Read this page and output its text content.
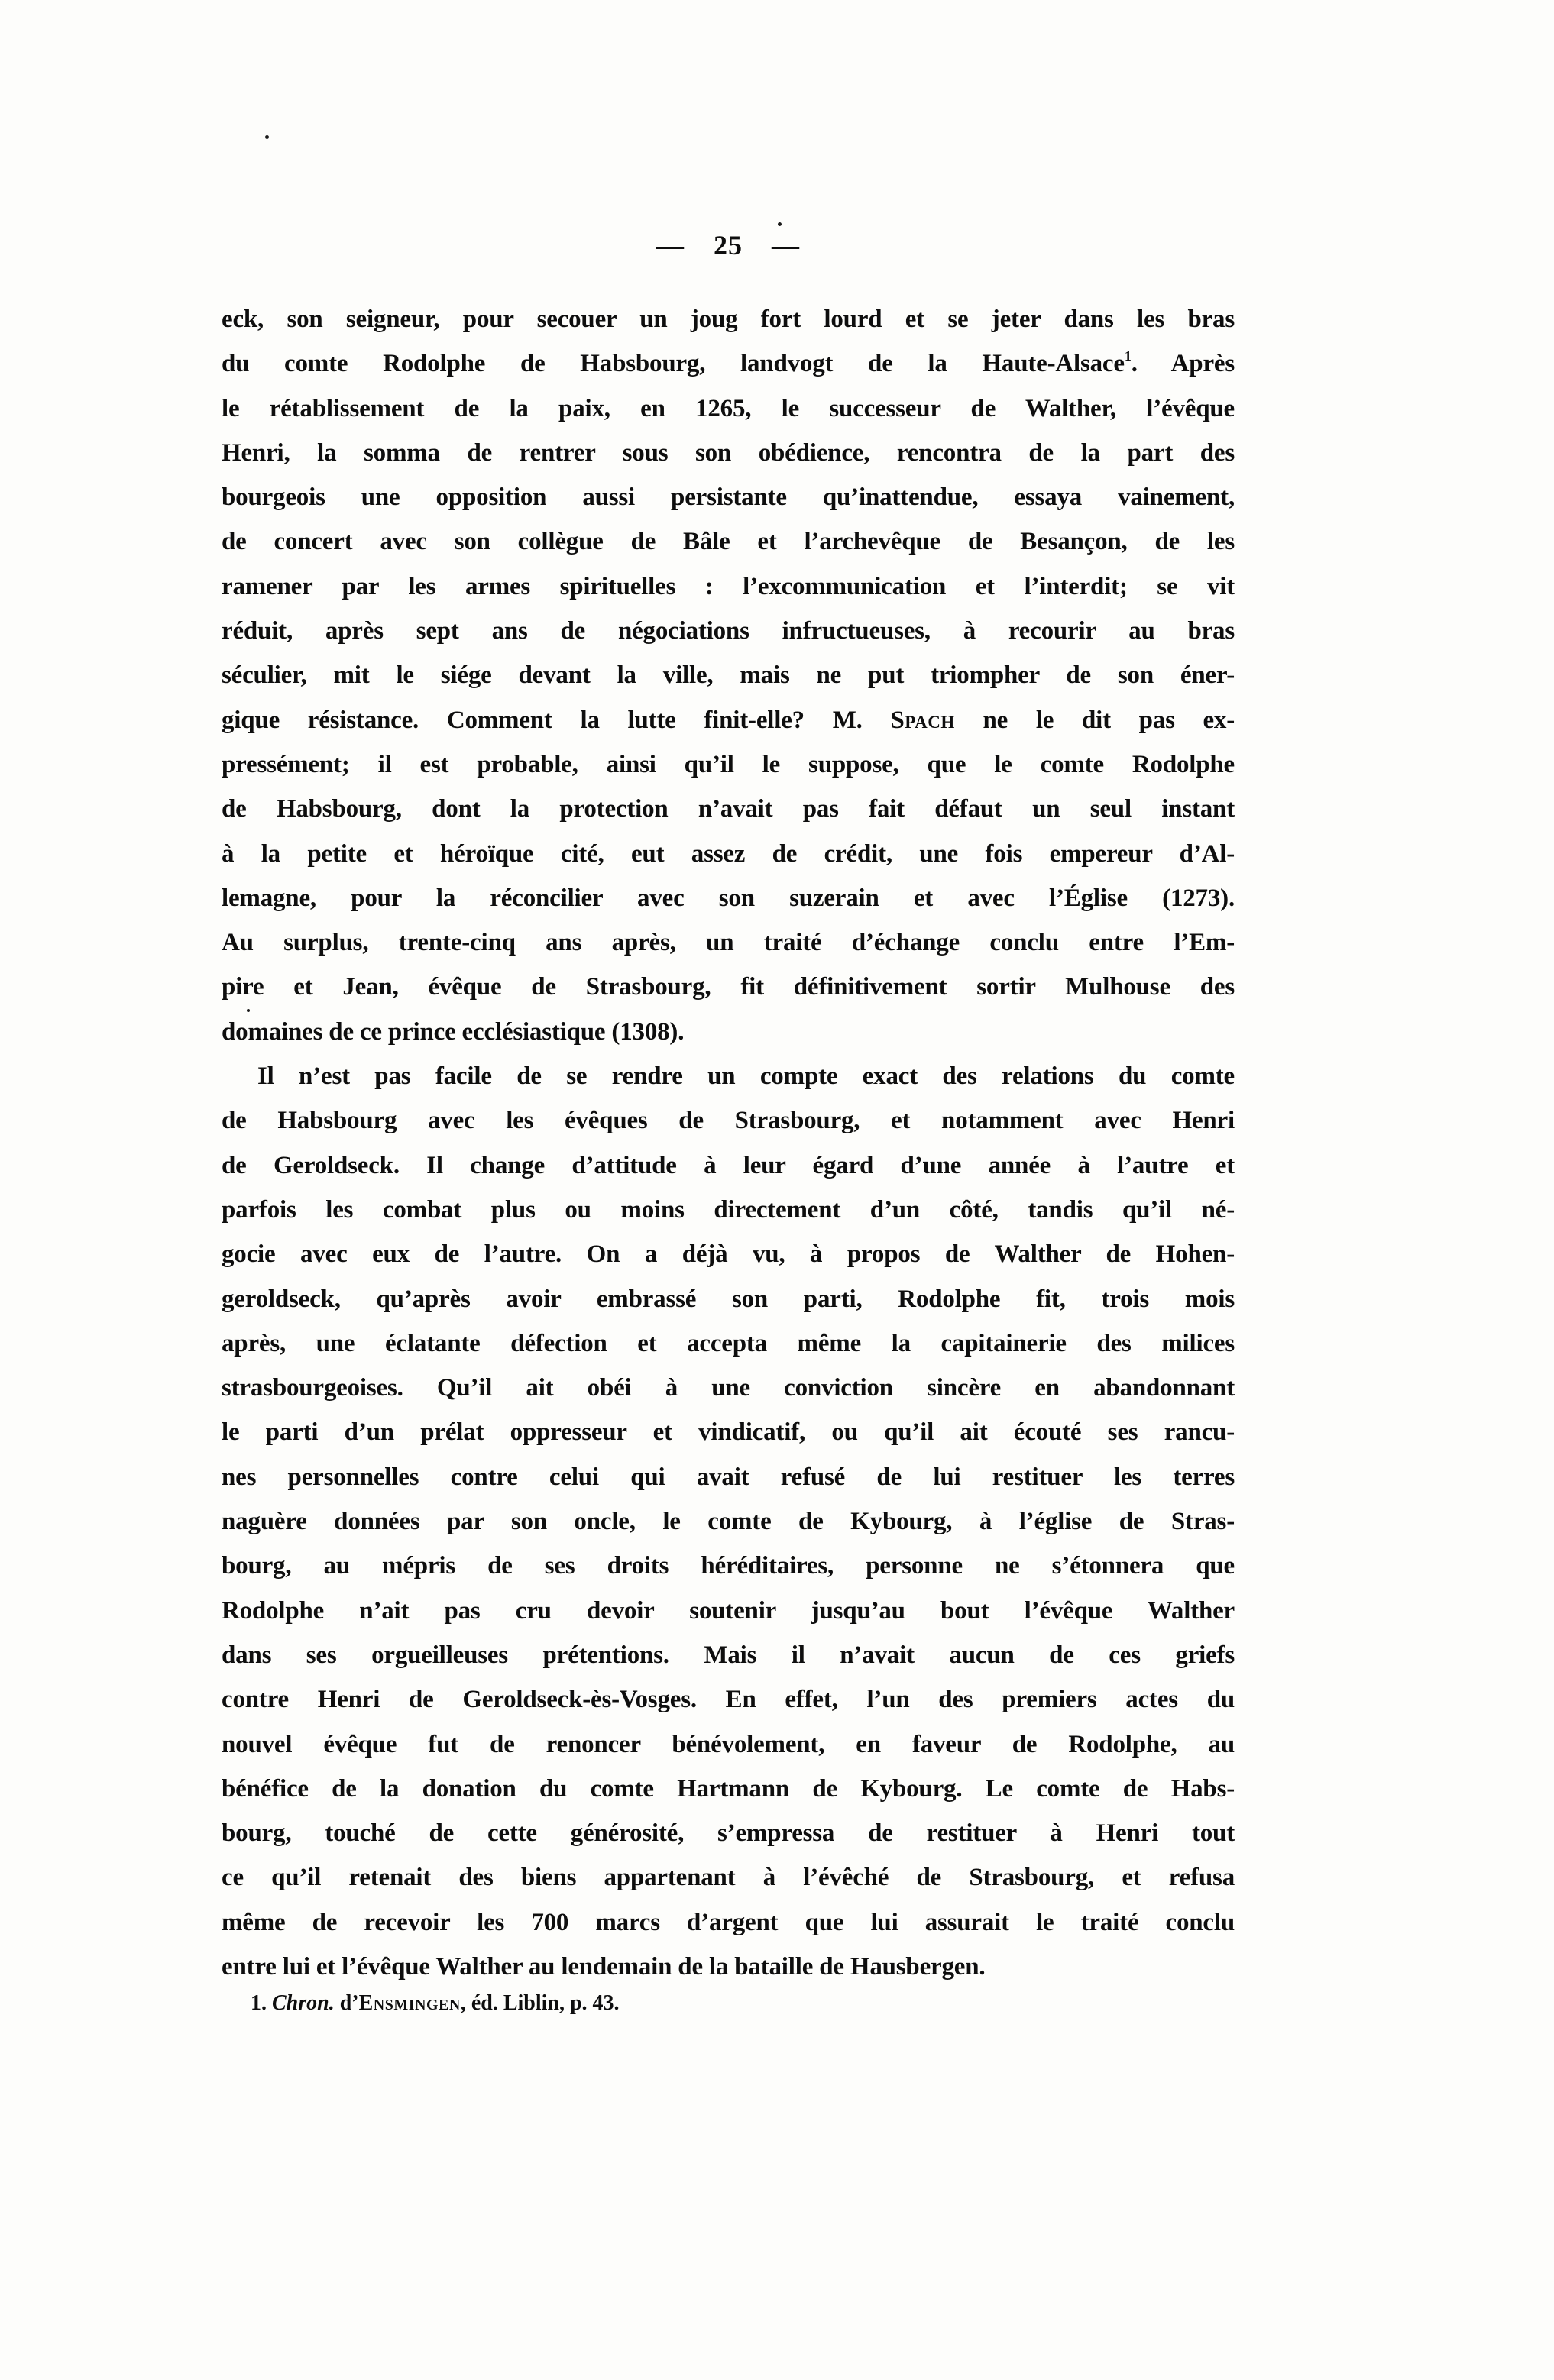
— 25 —
eck, son seigneur, pour secouer un joug fort lourd et se jeter dans les bras
du comte Rodolphe de Habsbourg, landvogt de la Haute-Alsace$^1$. Après
le rétablissement de la paix, en 1265, le successeur de Walther, l’évêque
Henri, la somma de rentrer sous son obédience, rencontra de la part des
bourgeois une opposition aussi persistante qu’inattendue, essaya vainement,
de concert avec son collègue de Bâle et l’archevêque de Besançon, de les
ramener par les armes spirituelles : l’excommunication et l’interdit; se vit
réduit, après sept ans de négociations infructueuses, à recourir au bras
séculier, mit le siége devant la ville, mais ne put triompher de son éner-
gique résistance. Comment la lutte finit-elle? M. Spach ne le dit pas ex-
pressément; il est probable, ainsi qu’il le suppose, que le comte Rodolphe
de Habsbourg, dont la protection n’avait pas fait défaut un seul instant
à la petite et héroïque cité, eut assez de crédit, une fois empereur d’Al-
lemagne, pour la réconcilier avec son suzerain et avec l’Église (1273).
Au surplus, trente-cinq ans après, un traité d’échange conclu entre l’Em-
pire et Jean, évêque de Strasbourg, fit définitivement sortir Mulhouse des
domaines de ce prince ecclésiastique (1308).
Il n’est pas facile de se rendre un compte exact des relations du comte
de Habsbourg avec les évêques de Strasbourg, et notamment avec Henri
de Geroldseck. Il change d’attitude à leur égard d’une année à l’autre et
parfois les combat plus ou moins directement d’un côté, tandis qu’il né-
gocie avec eux de l’autre. On a déjà vu, à propos de Walther de Hohen-
geroldseck, qu’après avoir embrassé son parti, Rodolphe fit, trois mois
après, une éclatante défection et accepta même la capitainerie des milices
strasbourgeoises. Qu’il ait obéi à une conviction sincère en abandonnant
le parti d’un prélat oppresseur et vindicatif, ou qu’il ait écouté ses rancu-
nes personnelles contre celui qui avait refusé de lui restituer les terres
naguère données par son oncle, le comte de Kybourg, à l’église de Stras-
bourg, au mépris de ses droits héréditaires, personne ne s’étonnera que
Rodolphe n’ait pas cru devoir soutenir jusqu’au bout l’évêque Walther
dans ses orgueilleuses prétentions. Mais il n’avait aucun de ces griefs
contre Henri de Geroldseck-ès-Vosges. En effet, l’un des premiers actes du
nouvel évêque fut de renoncer bénévolement, en faveur de Rodolphe, au
bénéfice de la donation du comte Hartmann de Kybourg. Le comte de Habs-
bourg, touché de cette générosité, s’empressa de restituer à Henri tout
ce qu’il retenait des biens appartenant à l’évêché de Strasbourg, et refusa
même de recevoir les 700 marcs d’argent que lui assurait le traité conclu
entre lui et l’évêque Walther au lendemain de la bataille de Hausbergen.
1. Chron. d’Ensmingen, éd. Liblin, p. 43.
